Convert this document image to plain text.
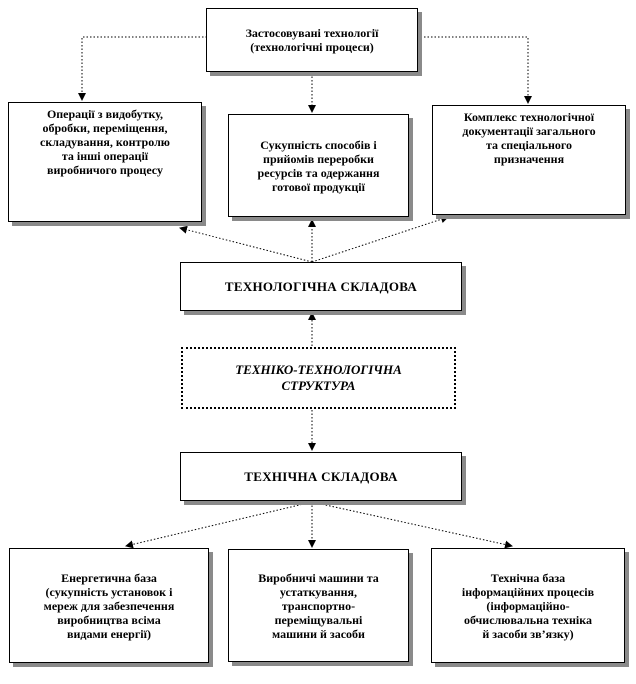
Застосовувані технології
(технологічні процеси)
Операції з видобутку,
обробки, переміщення,
складування, контролю
та інші операції
виробничого процесу
Сукупність способів і
прийомів переробки
ресурсів та одержання
готової продукції
Комплекс технологічної
документації загального
та спеціального
призначення
ТЕХНОЛОГІЧНА СКЛАДОВА
ТЕХНІКО-ТЕХНОЛОГІЧНА
СТРУКТУРА
ТЕХНІЧНА СКЛАДОВА
Енергетична база
(сукупність установок і
мереж для забезпечення
виробництва всіма
видами енергії)
Виробничі машини та
устаткування,
транспортно-
переміщувальні
машини й засоби
Технічна база
інформаційних процесів
(інформаційно-
обчислювальна техніка
й засоби зв’язку)
